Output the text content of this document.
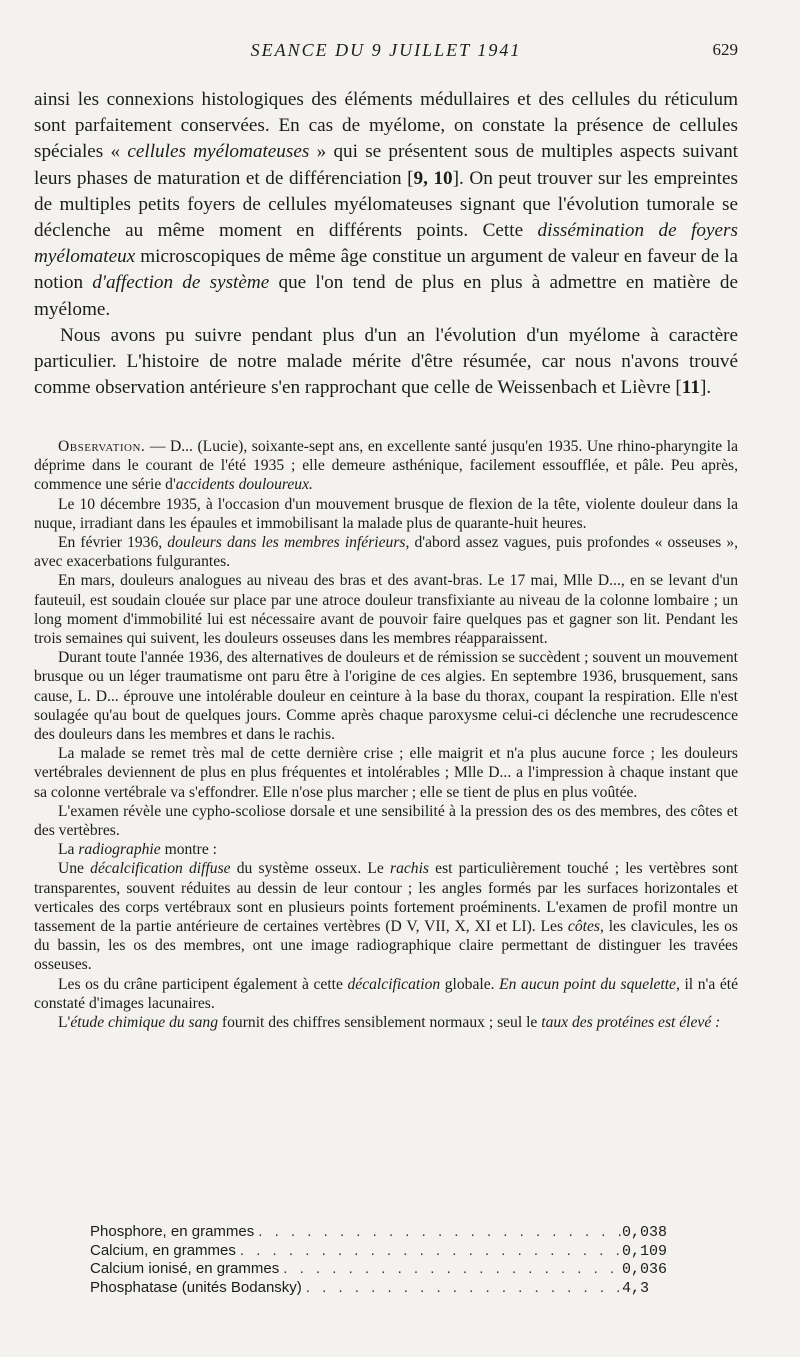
SEANCE DU 9 JUILLET 1941	629

ainsi les connexions histologiques des éléments médullaires et des cellules du réticulum sont parfaitement conservées. En cas de myélome, on constate la présence de cellules spéciales « cellules myélomateuses » qui se présentent sous de multiples aspects suivant leurs phases de maturation et de différenciation [9, 10]. On peut trouver sur les empreintes de multiples petits foyers de cellules myélomateuses signant que l'évolution tumorale se déclenche au même moment en différents points. Cette dissémination de foyers myélomateux microscopiques de même âge constitue un argument de valeur en faveur de la notion d'affection de système que l'on tend de plus en plus à admettre en matière de myélome.

Nous avons pu suivre pendant plus d'un an l'évolution d'un myélome à caractère particulier. L'histoire de notre malade mérite d'être résumée, car nous n'avons trouvé comme observation antérieure s'en rapprochant que celle de Weissenbach et Lièvre [11].

Observation. — D... (Lucie), soixante-sept ans, en excellente santé jusqu'en 1935. Une rhino-pharyngite la déprime dans le courant de l'été 1935 ; elle demeure asthénique, facilement essoufflée, et pâle. Peu après, commence une série d'accidents douloureux.

Le 10 décembre 1935, à l'occasion d'un mouvement brusque de flexion de la tête, violente douleur dans la nuque, irradiant dans les épaules et immobilisant la malade plus de quarante-huit heures.

En février 1936, douleurs dans les membres inférieurs, d'abord assez vagues, puis profondes « osseuses », avec exacerbations fulgurantes.

En mars, douleurs analogues au niveau des bras et des avant-bras. Le 17 mai, Mlle D..., en se levant d'un fauteuil, est soudain clouée sur place par une atroce douleur transfixiante au niveau de la colonne lombaire ; un long moment d'immobilité lui est nécessaire avant de pouvoir faire quelques pas et gagner son lit. Pendant les trois semaines qui suivent, les douleurs osseuses dans les membres réapparaissent.

Durant toute l'année 1936, des alternatives de douleurs et de rémission se succèdent ; souvent un mouvement brusque ou un léger traumatisme ont paru être à l'origine de ces algies. En septembre 1936, brusquement, sans cause, L. D... éprouve une intolérable douleur en ceinture à la base du thorax, coupant la respiration. Elle n'est soulagée qu'au bout de quelques jours. Comme après chaque paroxysme celui-ci déclenche une recrudescence des douleurs dans les membres et dans le rachis.

La malade se remet très mal de cette dernière crise ; elle maigrit et n'a plus aucune force ; les douleurs vertébrales deviennent de plus en plus fréquentes et intolérables ; Mlle D... a l'impression à chaque instant que sa colonne vertébrale va s'effondrer. Elle n'ose plus marcher ; elle se tient de plus en plus voûtée.

L'examen révèle une cypho-scoliose dorsale et une sensibilité à la pression des os des membres, des côtes et des vertèbres.

La radiographie montre :

Une décalcification diffuse du système osseux. Le rachis est particulièrement touché ; les vertèbres sont transparentes, souvent réduites au dessin de leur contour ; les angles formés par les surfaces horizontales et verticales des corps vertébraux sont en plusieurs points fortement proéminents. L'examen de profil montre un tassement de la partie antérieure de certaines vertèbres (D V, VII, X, XI et LI). Les côtes, les clavicules, les os du bassin, les os des membres, ont une image radiographique claire permettant de distinguer les travées osseuses.

Les os du crâne participent également à cette décalcification globale. En aucun point du squelette, il n'a été constaté d'images lacunaires.

L'étude chimique du sang fournit des chiffres sensiblement normaux ; seul le taux des protéines est élevé :

Phosphore, en grammes . . .	0,038
Calcium, en grammes . . .	0,109
Calcium ionisé, en grammes . . .	0,036
Phosphatase (unités Bodansky) . . .	4,3
